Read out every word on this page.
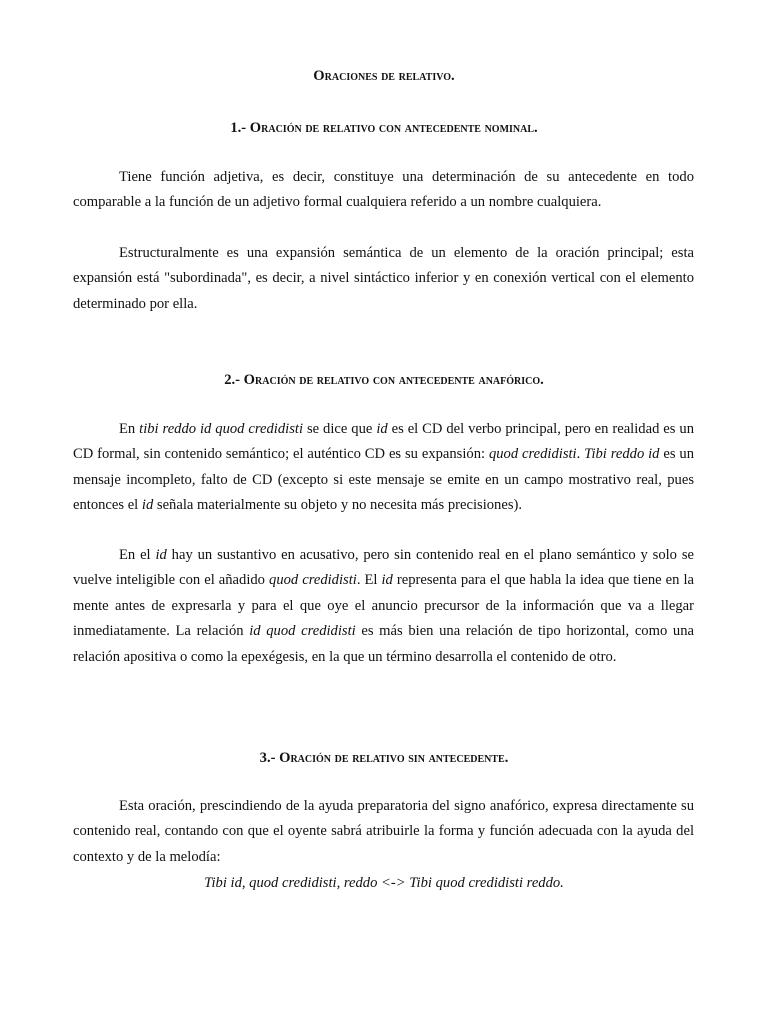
Oraciones de relativo.
1.- Oración de relativo con antecedente nominal.

Tiene función adjetiva, es decir, constituye una determinación de su antecedente en todo comparable a la función de un adjetivo formal cualquiera referido a un nombre cualquiera.

Estructuralmente es una expansión semántica de un elemento de la oración principal; esta expansión está "subordinada", es decir, a nivel sintáctico inferior y en conexión vertical con el elemento determinado por ella.

2.- Oración de relativo con antecedente anafórico.

En tibi reddo id quod credidisti se dice que id es el CD del verbo principal, pero en realidad es un CD formal, sin contenido semántico; el auténtico CD es su expansión: quod credidisti. Tibi reddo id es un mensaje incompleto, falto de CD (excepto si este mensaje se emite en un campo mostrativo real, pues entonces el id señala materialmente su objeto y no necesita más precisiones).

En el id hay un sustantivo en acusativo, pero sin contenido real en el plano semántico y solo se vuelve inteligible con el añadido quod credidisti. El id representa para el que habla la idea que tiene en la mente antes de expresarla y para el que oye el anuncio precursor de la información que va a llegar inmediatamente. La relación id quod credidisti es más bien una relación de tipo horizontal, como una relación apositiva o como la epexégesis, en la que un término desarrolla el contenido de otro.

3.- Oración de relativo sin antecedente.

Esta oración, prescindiendo de la ayuda preparatoria del signo anafórico, expresa directamente su contenido real, contando con que el oyente sabrá atribuirle la forma y función adecuada con la ayuda del contexto y de la melodía:

Tibi id, quod credidisti, reddo <-> Tibi quod credidisti reddo.
